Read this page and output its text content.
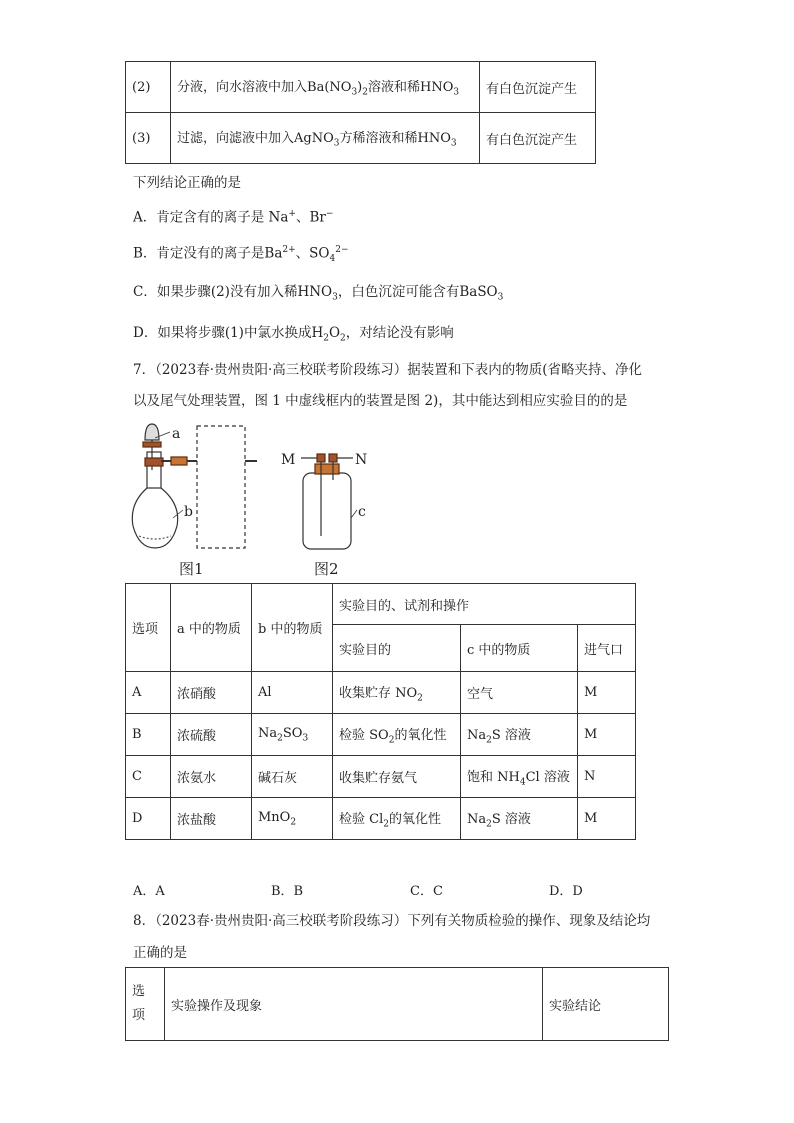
(2)	分液，向水溶液中加入$Ba(NO_3)_2$溶液和稀$HNO_3$	有白色沉淀产生
(3)	过滤，向滤液中加入AgNO$_3$方稀溶液和稀$HNO_3$	有白色沉淀产生
下列结论正确的是
A．肯定含有的离子是 Na+、Br−
B．肯定没有的离子是$Ba^{2+}$、$SO_4^{2-}$
C．如果步骤(2)没有加入稀$HNO_3$，白色沉淀可能含有BaSO$_3$
D．如果将步骤(1)中氯水换成$H_2O_2$，对结论没有影响
7．（2023春·贵州贵阳·高三校联考阶段练习）据装置和下表内的物质(省略夹持、净化
以及尾气处理装置，图 1 中虚线框内的装置是图 2)，其中能达到相应实验目的的是
a
b
M	N
c
图1	图2
选项	a 中的物质	b 中的物质	实验目的、试剂和操作		
			实验目的	c 中的物质	进气口
A	浓硝酸	Al	收集贮存 $NO_2$	空气	M
B	浓硫酸	$Na_2SO_3$	检验 $SO_2$的氧化性	$Na_2S$ 溶液	M
C	浓氨水	碱石灰	收集贮存氨气	饱和 $NH_4Cl$ 溶液	N
D	浓盐酸	MnO$_2$	检验 $Cl_2$的氧化性	$Na_2S$ 溶液	M
A．A	B．B	C．C	D．D
8．（2023春·贵州贵阳·高三校联考阶段练习）下列有关物质检验的操作、现象及结论均
正确的是
选
项	实验操作及现象	实验结论
